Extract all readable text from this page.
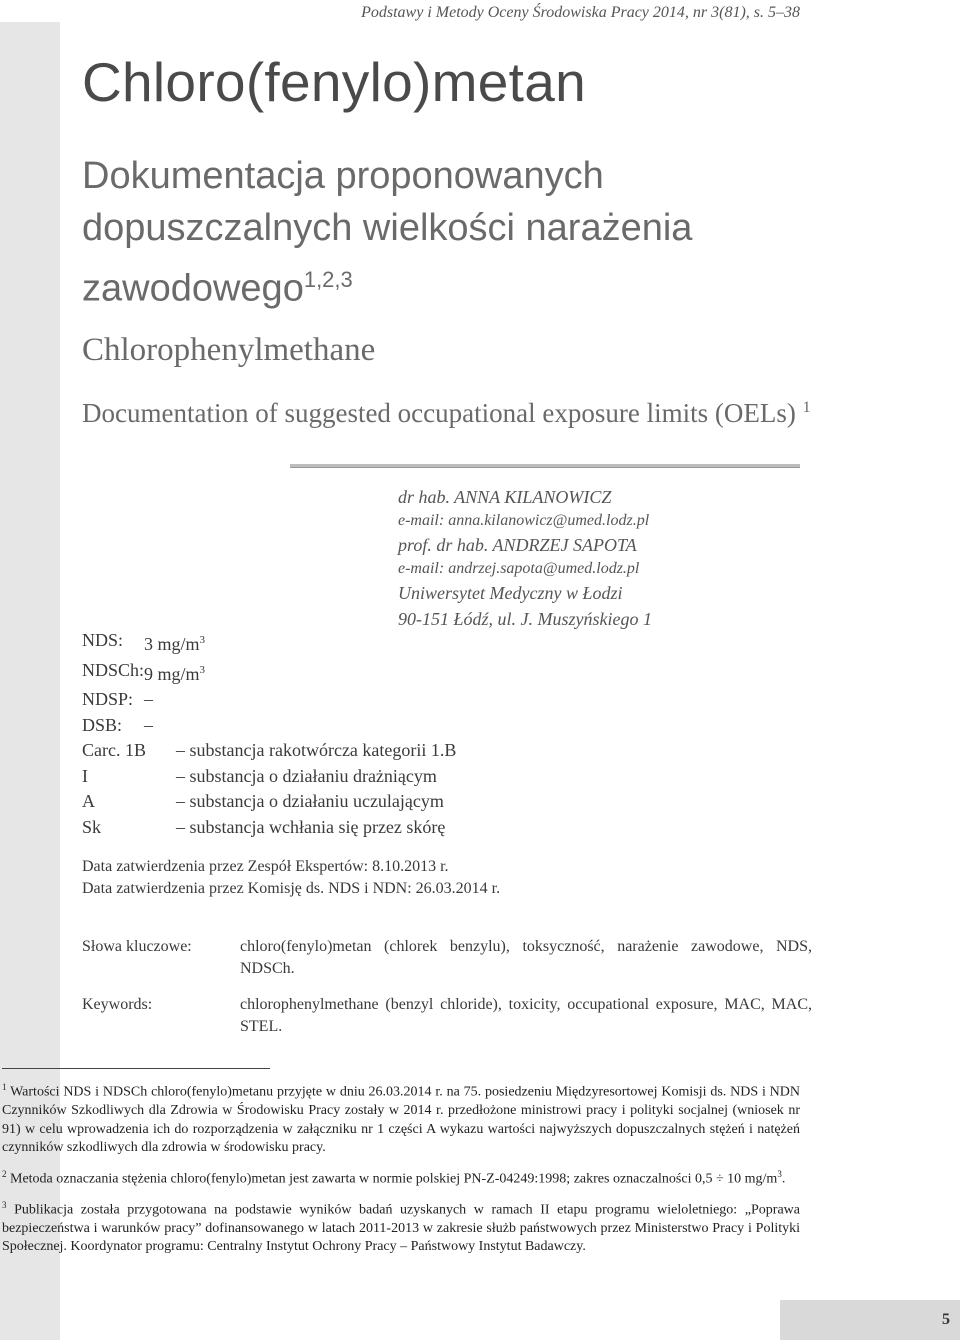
Podstawy i Metody Oceny Środowiska Pracy 2014, nr 3(81), s. 5–38
Chloro(fenylo)metan
Dokumentacja proponowanych dopuszczalnych wielkości narażenia zawodowego$^{1,2,3}$
Chlorophenylmethane
Documentation of suggested occupational exposure limits (OELs) $^1$
dr hab. ANNA KILANOWICZ
e-mail: anna.kilanowicz@umed.lodz.pl
prof. dr hab. ANDRZEJ SAPOTA
e-mail: andrzej.sapota@umed.lodz.pl
Uniwersytet Medyczny w Łodzi
90-151 Łódź, ul. J. Muszyńskiego 1
NDS:	3 $mg/m^3$
NDSCh: 9 $mg/m^3$
NDSP: –
DSB:	–
Carc. 1B	– substancja rakotwórcza kategorii 1.B
I	– substancja o działaniu drażniącym
A	– substancja o działaniu uczulającym
Sk	– substancja wchłania się przez skórę
Data zatwierdzenia przez Zespół Ekspertów: 8.10.2013 r.
Data zatwierdzenia przez Komisję ds. NDS i NDN: 26.03.2014 r.
Słowa kluczowe:	chloro(fenylo)metan (chlorek benzylu), toksyczność, narażenie zawodowe, NDS, NDSCh.
Keywords:	chlorophenylmethane (benzyl chloride), toxicity, occupational exposure, MAC, MAC, STEL.

$^1$ Wartości NDS i NDSCh chloro(fenylo)metanu przyjęte w dniu 26.03.2014 r. na 75. posiedzeniu Międzyresortowej Komisji ds. NDS i NDN Czynników Szkodliwych dla Zdrowia w Środowisku Pracy zostały w 2014 r. przedłożone ministrowi pracy i polityki socjalnej (wniosek nr 91) w celu wprowadzenia ich do rozporządzenia w załączniku nr 1 części A wykazu wartości najwyższych dopuszczalnych stężeń i natężeń czynników szkodliwych dla zdrowia w środowisku pracy.

$^2$ Metoda oznaczania stężenia chloro(fenylo)metan jest zawarta w normie polskiej PN-Z-04249:1998; zakres oznaczalności 0,5 ÷ 10 $mg/m^3$.

$^3$ Publikacja została przygotowana na podstawie wyników badań uzyskanych w ramach II etapu programu wieloletniego: „Poprawa bezpieczeństwa i warunków pracy” dofinansowanego w latach 2011-2013 w zakresie służb państwowych przez Ministerstwo Pracy i Polityki Społecznej. Koordynator programu: Centralny Instytut Ochrony Pracy – Państwowy Instytut Badawczy.

5
